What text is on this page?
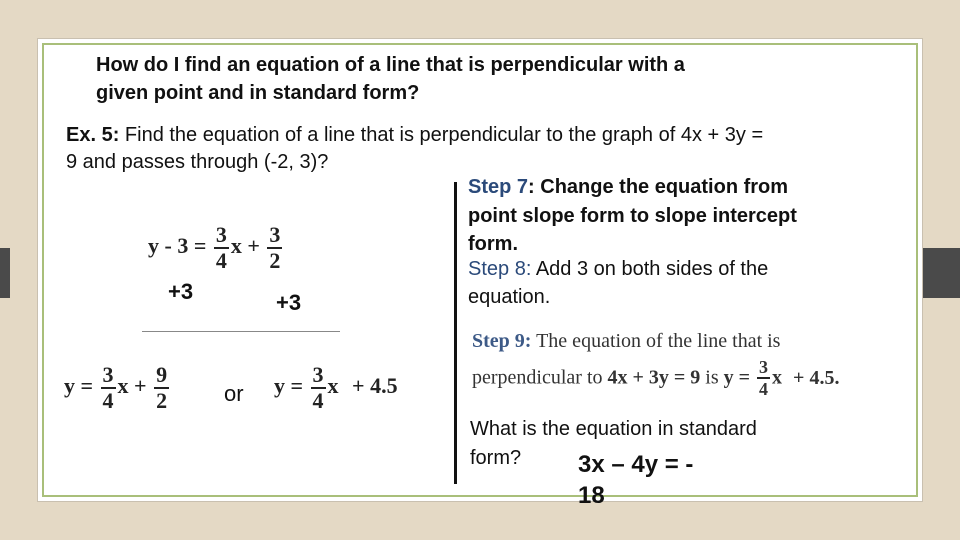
How do I find an equation of a line that is perpendicular with a
given point and in standard form?
Ex. 5: Find the equation of a line that is perpendicular to the graph of 4x + 3y =
9 and passes through (-2, 3)?
$y - 3 = \frac{3}{4}$ $x + \frac{3}{2}$
+3	+3
$y = \frac{3}{4}$ $x + \frac{9}{2}$ or $y = \frac{3}{4}$ x + 4.5
Step 7: Change the equation from
point slope form to slope intercept
form.
Step 8: Add 3 on both sides of the
equation.
Step 9: The equation of the line that is
perpendicular to 4x + 3y = 9 is $y = \frac{3}{4}$ x + 4.5.
What is the equation in standard
form? 3x – 4y = -
18
